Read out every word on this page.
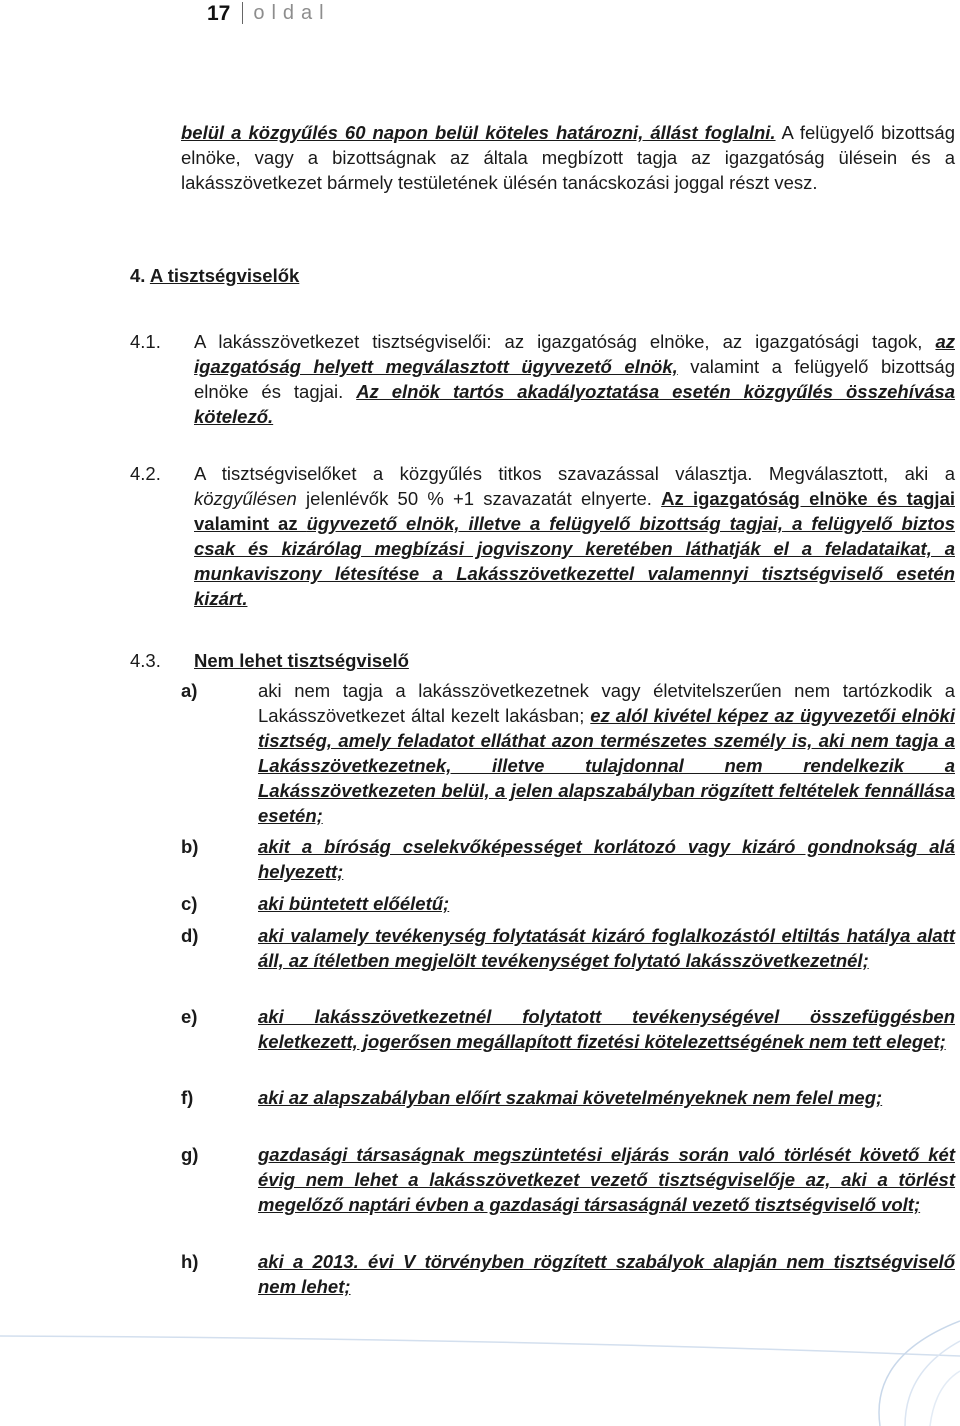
17 oldal
belül a közgyűlés 60 napon belül köteles határozni, állást foglalni. A felügyelő bizottság elnöke, vagy a bizottságnak az általa megbízott tagja az igazgatóság ülésein és a lakásszövetkezet bármely testületének ülésén tanácskozási joggal részt vesz.
4. A tisztségviselők
4.1. A lakásszövetkezet tisztségviselői: az igazgatóság elnöke, az igazgatósági tagok, az igazgatóság helyett megválasztott ügyvezető elnök, valamint a felügyelő bizottság elnöke és tagjai. Az elnök tartós akadályoztatása esetén közgyűlés összehívása kötelező.
4.2. A tisztségviselőket a közgyűlés titkos szavazással választja. Megválasztott, aki a közgyűlésen jelenlévők 50 % +1 szavazatát elnyerte. Az igazgatóság elnöke és tagjai valamint az ügyvezető elnök, illetve a felügyelő bizottság tagjai, a felügyelő biztos csak és kizárólag megbízási jogviszony keretében láthatják el a feladataikat, a munkaviszony létesítése a Lakásszövetkezettel valamennyi tisztségviselő esetén kizárt.
4.3. Nem lehet tisztségviselő
a)	aki nem tagja a lakásszövetkezetnek vagy életvitelszerűen nem tartózkodik a Lakásszövetkezet által kezelt lakásban; ez alól kivétel képez az ügyvezetői elnöki tisztség, amely feladatot elláthat azon természetes személy is, aki nem tagja a Lakásszövetkezetnek, illetve tulajdonnal nem rendelkezik a Lakásszövetkezeten belül, a jelen alapszabályban rögzített feltételek fennállása esetén;
b)	akit a bíróság cselekvőképességet korlátozó vagy kizáró gondnokság alá helyezett;
c)	aki büntetett előéletű;
d)	aki valamely tevékenység folytatását kizáró foglalkozástól eltiltás hatálya alatt áll, az ítéletben megjelölt tevékenységet folytató lakásszövetkezetnél;
e)	aki lakásszövetkezetnél folytatott tevékenységével összefüggésben keletkezett, jogerősen megállapított fizetési kötelezettségének nem tett eleget;
f)	aki az alapszabályban előírt szakmai követelményeknek nem felel meg;
g)	gazdasági társaságnak megszüntetési eljárás során való törlését követő két évig nem lehet a lakásszövetkezet vezető tisztségviselője az, aki a törlést megelőző naptári évben a gazdasági társaságnál vezető tisztségviselő volt;
h)	aki a 2013. évi V törvényben rögzített szabályok alapján nem tisztségviselő nem lehet;
